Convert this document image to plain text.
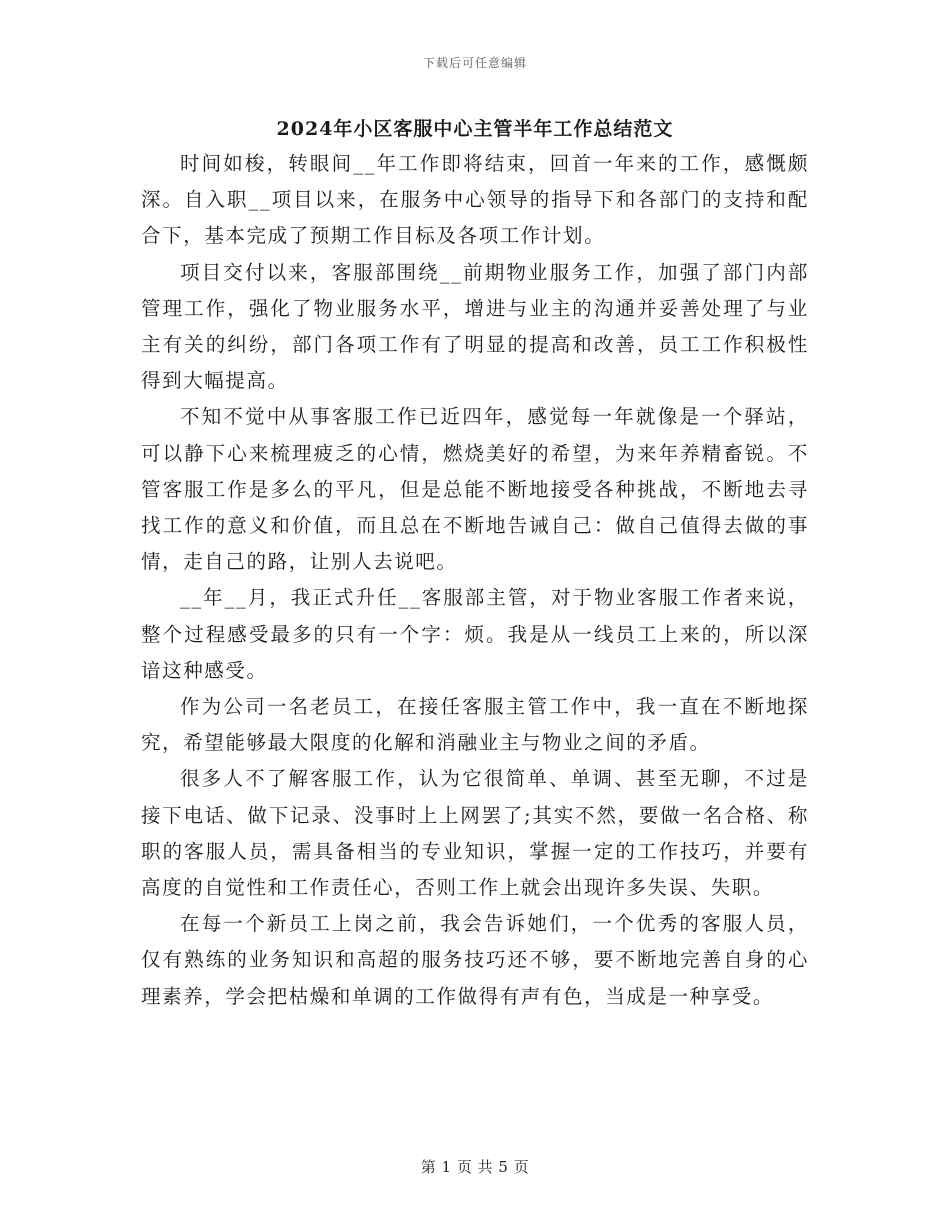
下载后可任意编辑
2024年小区客服中心主管半年工作总结范文

时间如梭，转眼间__年工作即将结束，回首一年来的工作，感慨颇深。自入职__项目以来，在服务中心领导的指导下和各部门的支持和配合下，基本完成了预期工作目标及各项工作计划。

项目交付以来，客服部围绕__前期物业服务工作，加强了部门内部管理工作，强化了物业服务水平，增进与业主的沟通并妥善处理了与业主有关的纠纷，部门各项工作有了明显的提高和改善，员工工作积极性得到大幅提高。

不知不觉中从事客服工作已近四年，感觉每一年就像是一个驿站，可以静下心来梳理疲乏的心情，燃烧美好的希望，为来年养精畜锐。不管客服工作是多么的平凡，但是总能不断地接受各种挑战，不断地去寻找工作的意义和价值，而且总在不断地告诫自己：做自己值得去做的事情，走自己的路，让别人去说吧。

__年__月，我正式升任__客服部主管，对于物业客服工作者来说，整个过程感受最多的只有一个字：烦。我是从一线员工上来的，所以深谙这种感受。

作为公司一名老员工，在接任客服主管工作中，我一直在不断地探究，希望能够最大限度的化解和消融业主与物业之间的矛盾。

很多人不了解客服工作，认为它很简单、单调、甚至无聊，不过是接下电话、做下记录、没事时上上网罢了;其实不然，要做一名合格、称职的客服人员，需具备相当的专业知识，掌握一定的工作技巧，并要有高度的自觉性和工作责任心，否则工作上就会出现许多失误、失职。

在每一个新员工上岗之前，我会告诉她们，一个优秀的客服人员，仅有熟练的业务知识和高超的服务技巧还不够，要不断地完善自身的心理素养，学会把枯燥和单调的工作做得有声有色，当成是一种享受。

第 1 页 共 5 页
